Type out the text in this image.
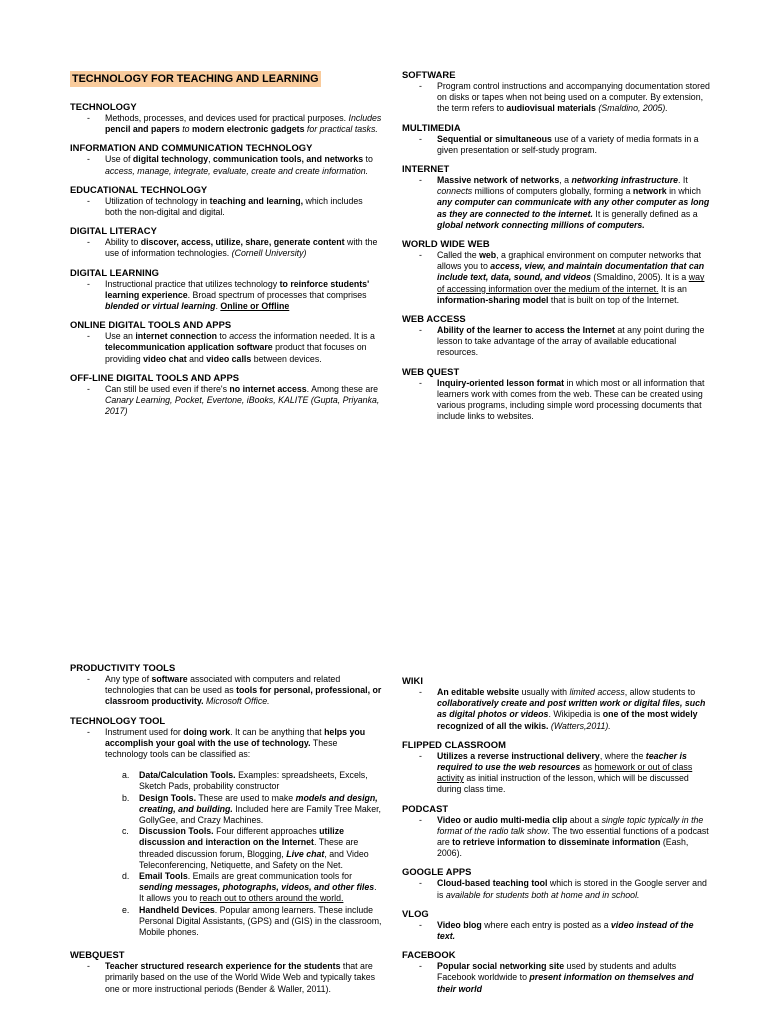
TECHNOLOGY FOR TEACHING AND LEARNING
TECHNOLOGY
- Methods, processes, and devices used for practical purposes. Includes pencil and papers to modern electronic gadgets for practical tasks.
INFORMATION AND COMMUNICATION TECHNOLOGY
- Use of digital technology, communication tools, and networks to access, manage, integrate, evaluate, create and create information.
EDUCATIONAL TECHNOLOGY
- Utilization of technology in teaching and learning, which includes both the non-digital and digital.
DIGITAL LITERACY
- Ability to discover, access, utilize, share, generate content with the use of information technologies. (Cornell University)
DIGITAL LEARNING
- Instructional practice that utilizes technology to reinforce students' learning experience. Broad spectrum of processes that comprises blended or virtual learning. Online or Offline
ONLINE DIGITAL TOOLS AND APPS
- Use an internet connection to access the information needed. It is a telecommunication application software product that focuses on providing video chat and video calls between devices.
OFF-LINE DIGITAL TOOLS AND APPS
- Can still be used even if there's no internet access. Among these are Canary Learning, Pocket, Evertone, iBooks, KALITE (Gupta, Priyanka, 2017)
SOFTWARE
- Program control instructions and accompanying documentation stored on disks or tapes when not being used on a computer. By extension, the term refers to audiovisual materials (Smaldino, 2005).
MULTIMEDIA
- Sequential or simultaneous use of a variety of media formats in a given presentation or self-study program.
INTERNET
- Massive network of networks, a networking infrastructure. It connects millions of computers globally, forming a network in which any computer can communicate with any other computer as long as they are connected to the internet. It is generally defined as a global network connecting millions of computers.
WORLD WIDE WEB
- Called the web, a graphical environment on computer networks that allows you to access, view, and maintain documentation that can include text, data, sound, and videos (Smaldino, 2005). It is a way of accessing information over the medium of the internet. It is an information-sharing model that is built on top of the Internet.
WEB ACCESS
- Ability of the learner to access the Internet at any point during the lesson to take advantage of the array of available educational resources.
WEB QUEST
- Inquiry-oriented lesson format in which most or all information that learners work with comes from the web. These can be created using various programs, including simple word processing documents that include links to websites.
PRODUCTIVITY TOOLS
- Any type of software associated with computers and related technologies that can be used as tools for personal, professional, or classroom productivity. Microsoft Office.
TECHNOLOGY TOOL
- Instrument used for doing work. It can be anything that helps you accomplish your goal with the use of technology. These technology tools can be classified as:
a. Data/Calculation Tools. Examples: spreadsheets, Excels, Sketch Pads, probability constructor
b. Design Tools. These are used to make models and design, creating, and building. Included here are Family Tree Maker, GollyGee, and Crazy Machines.
c. Discussion Tools. Four different approaches utilize discussion and interaction on the Internet. These are threaded discussion forum, Blogging, Live chat, and Video Teleconferencing, Netiquette, and Safety on the Net.
d. Email Tools. Emails are great communication tools for sending messages, photographs, videos, and other files. It allows you to reach out to others around the world.
e. Handheld Devices. Popular among learners. These include Personal Digital Assistants, (GPS) and (GIS) in the classroom, Mobile phones.
WEBQUEST
- Teacher structured research experience for the students that are primarily based on the use of the World Wide Web and typically takes one or more instructional periods (Bender & Waller, 2011).
WIKI
- An editable website usually with limited access, allow students to collaboratively create and post written work or digital files, such as digital photos or videos. Wikipedia is one of the most widely recognized of all the wikis. (Watters,2011).
FLIPPED CLASSROOM
- Utilizes a reverse instructional delivery, where the teacher is required to use the web resources as homework or out of class activity as initial instruction of the lesson, which will be discussed during class time.
PODCAST
- Video or audio multi-media clip about a single topic typically in the format of the radio talk show. The two essential functions of a podcast are to retrieve information to disseminate information (Eash, 2006).
GOOGLE APPS
- Cloud-based teaching tool which is stored in the Google server and is available for students both at home and in school.
VLOG
- Video blog where each entry is posted as a video instead of the text.
FACEBOOK
- Popular social networking site used by students and adults Facebook worldwide to present information on themselves and their world
